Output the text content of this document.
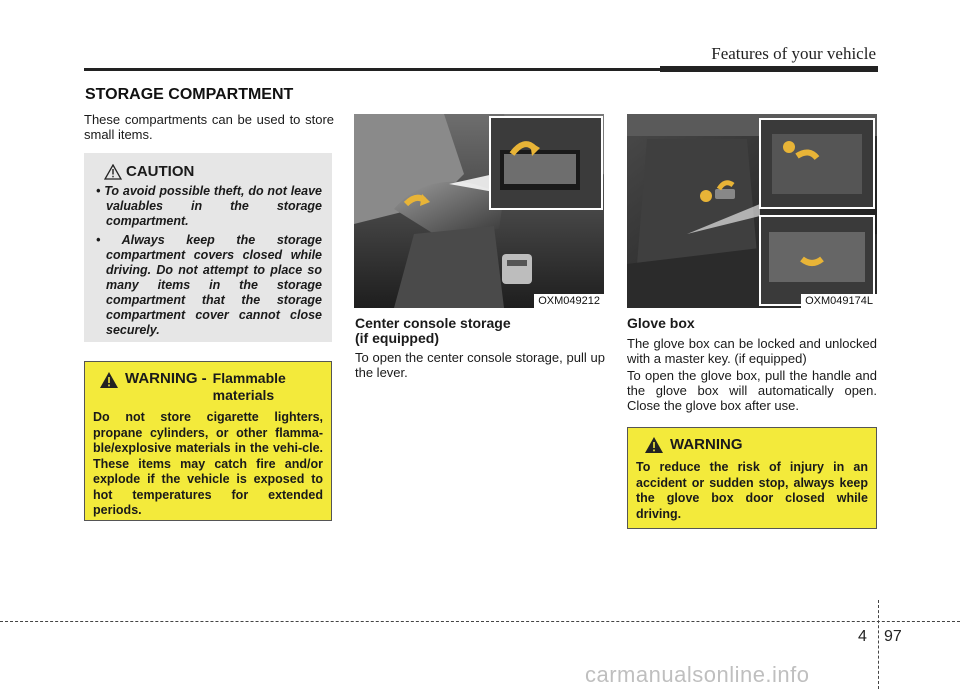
Features of your vehicle
STORAGE COMPARTMENT
These compartments can be used to store small items.
CAUTION
• To avoid possible theft, do not leave valuables in the storage compartment.
• Always keep the storage compartment covers closed while driving. Do not attempt to place so many items in the storage compartment that the storage compartment cover cannot close securely.
WARNING - Flammable materials
Do not store cigarette lighters, propane cylinders, or other flamma-ble/explosive materials in the vehi-cle. These items may catch fire and/or explode if the vehicle is exposed to hot temperatures for extended periods.
OXM049212
Center console storage
(if equipped)
To open the center console storage, pull up the lever.
OXM049174L
Glove box
The glove box can be locked and unlocked with a master key. (if equipped)
To open the glove box, pull the handle and the glove box will automatically open. Close the glove box after use.
WARNING
To reduce the risk of injury in an accident or sudden stop, always keep the glove box door closed while driving.
4 97
carmanualsonline.info
